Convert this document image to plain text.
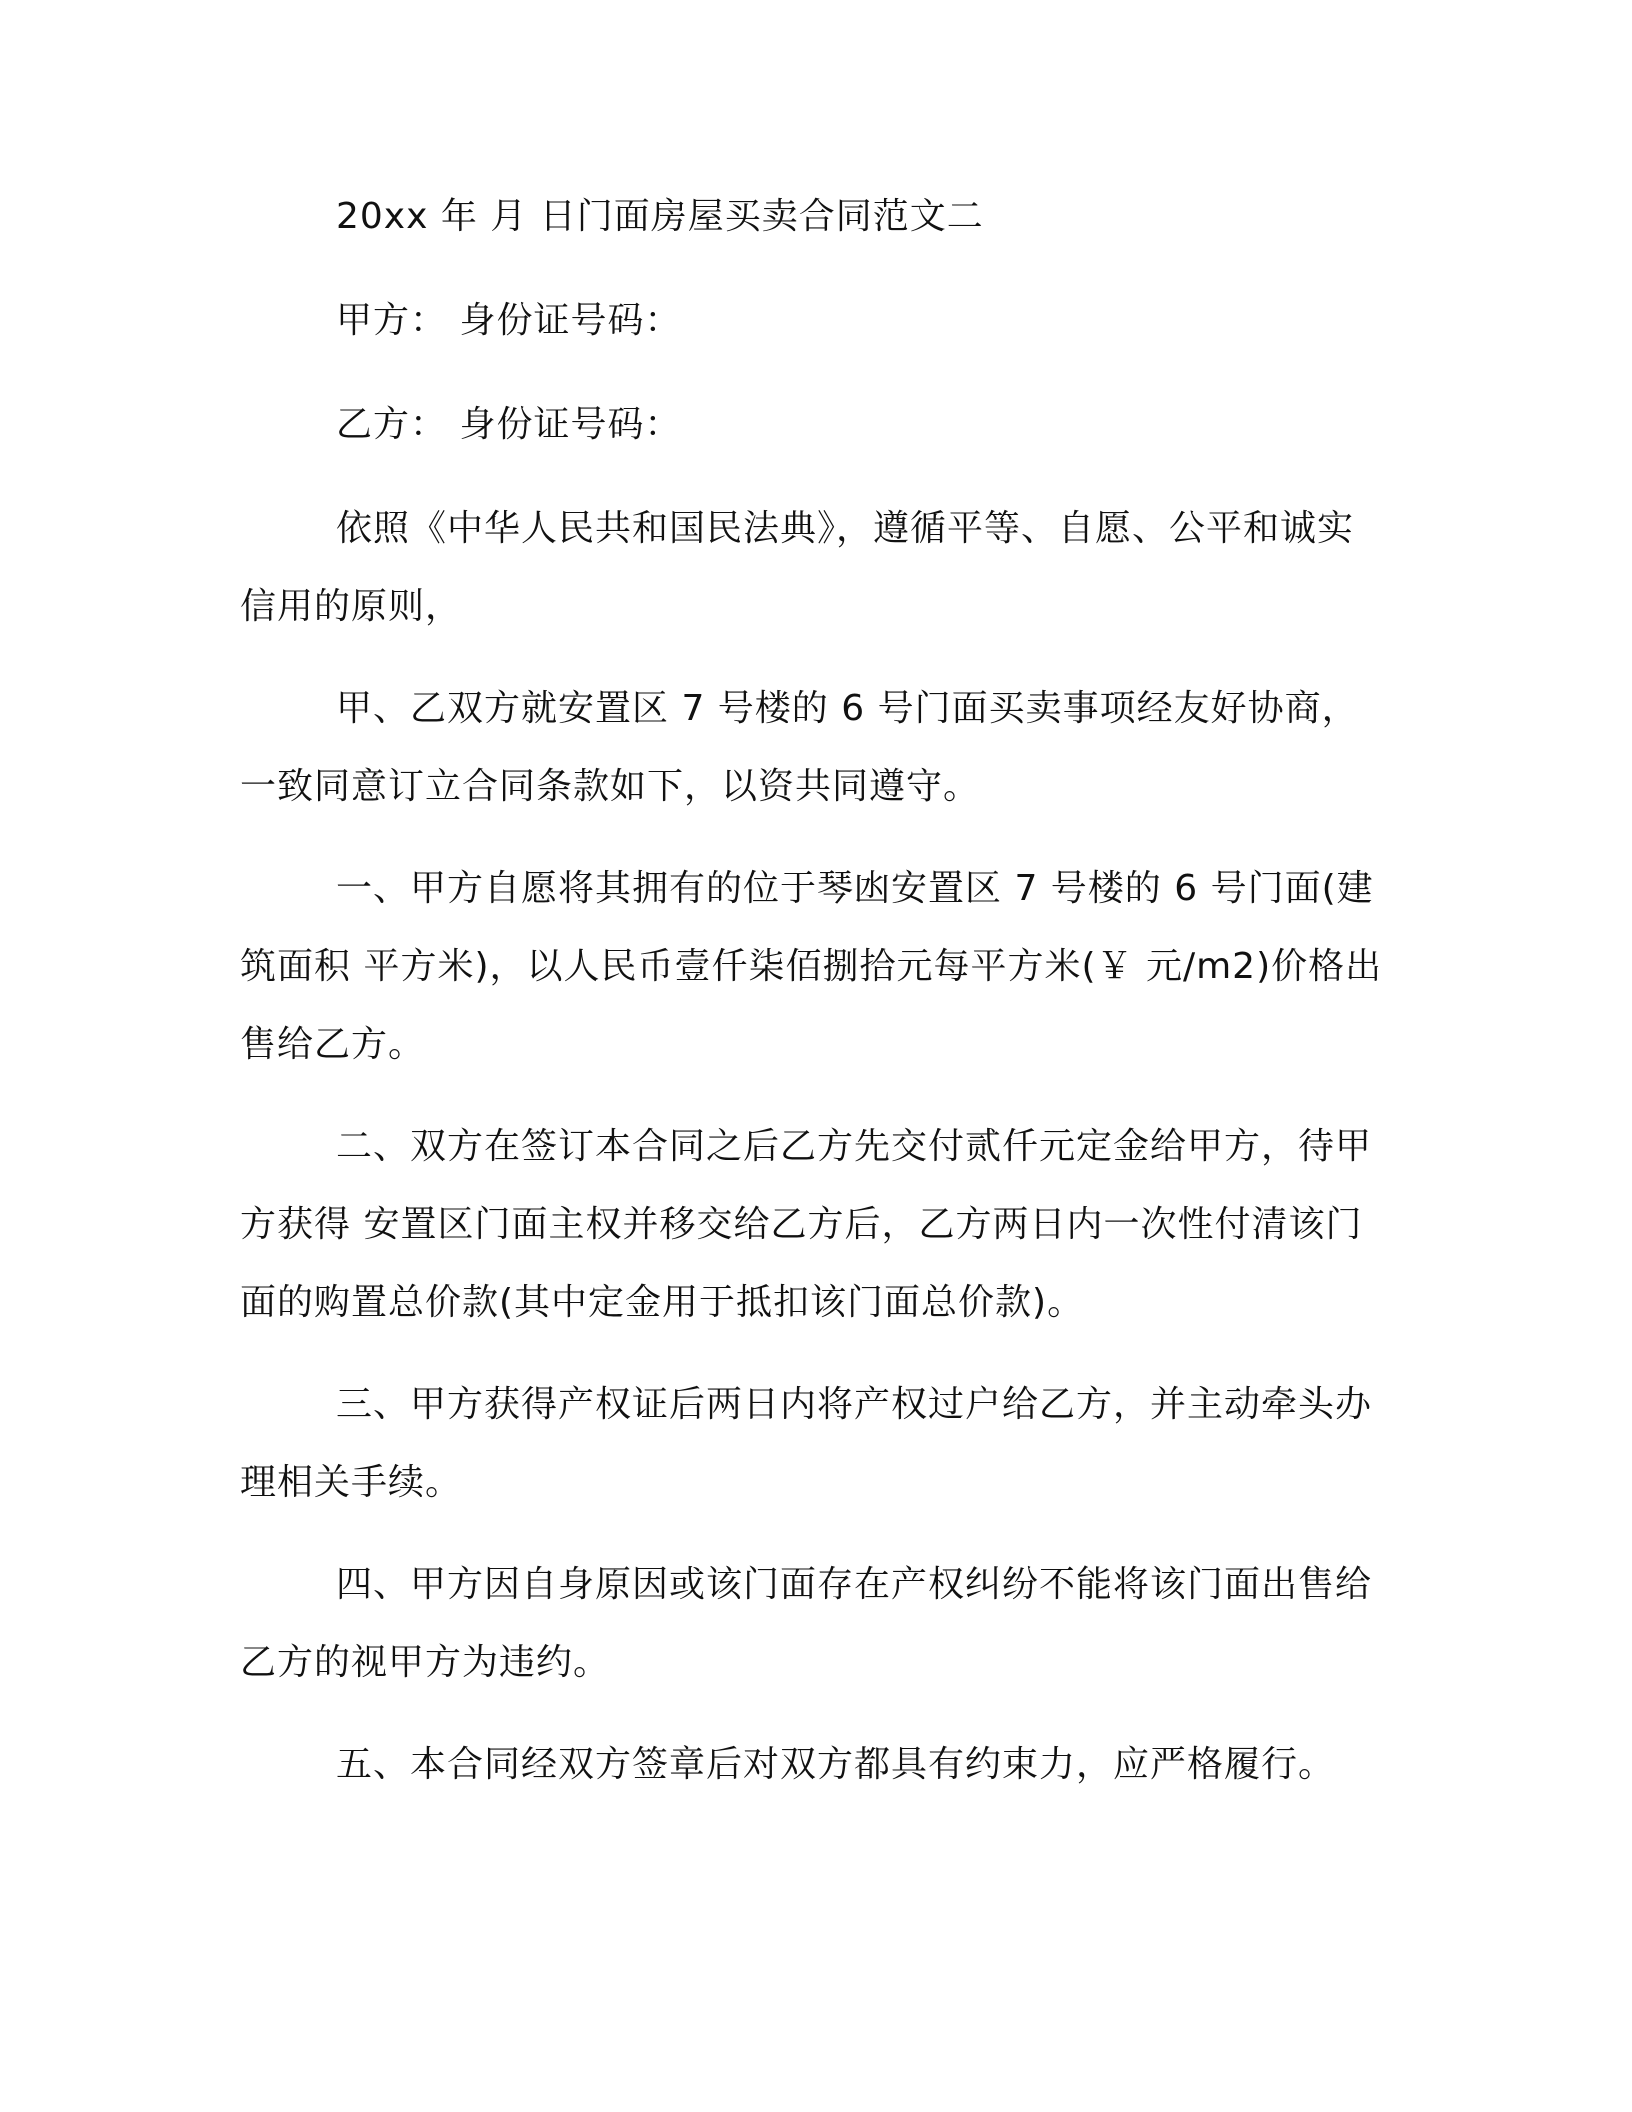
20xx 年 月 日门面房屋买卖合同范文二

甲方： 身份证号码：

乙方： 身份证号码：

依照《中华人民共和国民法典》，遵循平等、自愿、公平和诚实信用的原则，

甲、乙双方就安置区 7 号楼的 6 号门面买卖事项经友好协商，一致同意订立合同条款如下，以资共同遵守。

一、甲方自愿将其拥有的位于琴凼安置区 7 号楼的 6 号门面(建筑面积 平方米)，以人民币壹仟柒佰捌拾元每平方米(￥ 元/m2)价格出售给乙方。

二、双方在签订本合同之后乙方先交付贰仟元定金给甲方，待甲方获得 安置区门面主权并移交给乙方后，乙方两日内一次性付清该门面的购置总价款(其中定金用于抵扣该门面总价款)。

三、甲方获得产权证后两日内将产权过户给乙方，并主动牵头办理相关手续。

四、甲方因自身原因或该门面存在产权纠纷不能将该门面出售给乙方的视甲方为违约。

五、本合同经双方签章后对双方都具有约束力，应严格履行。
